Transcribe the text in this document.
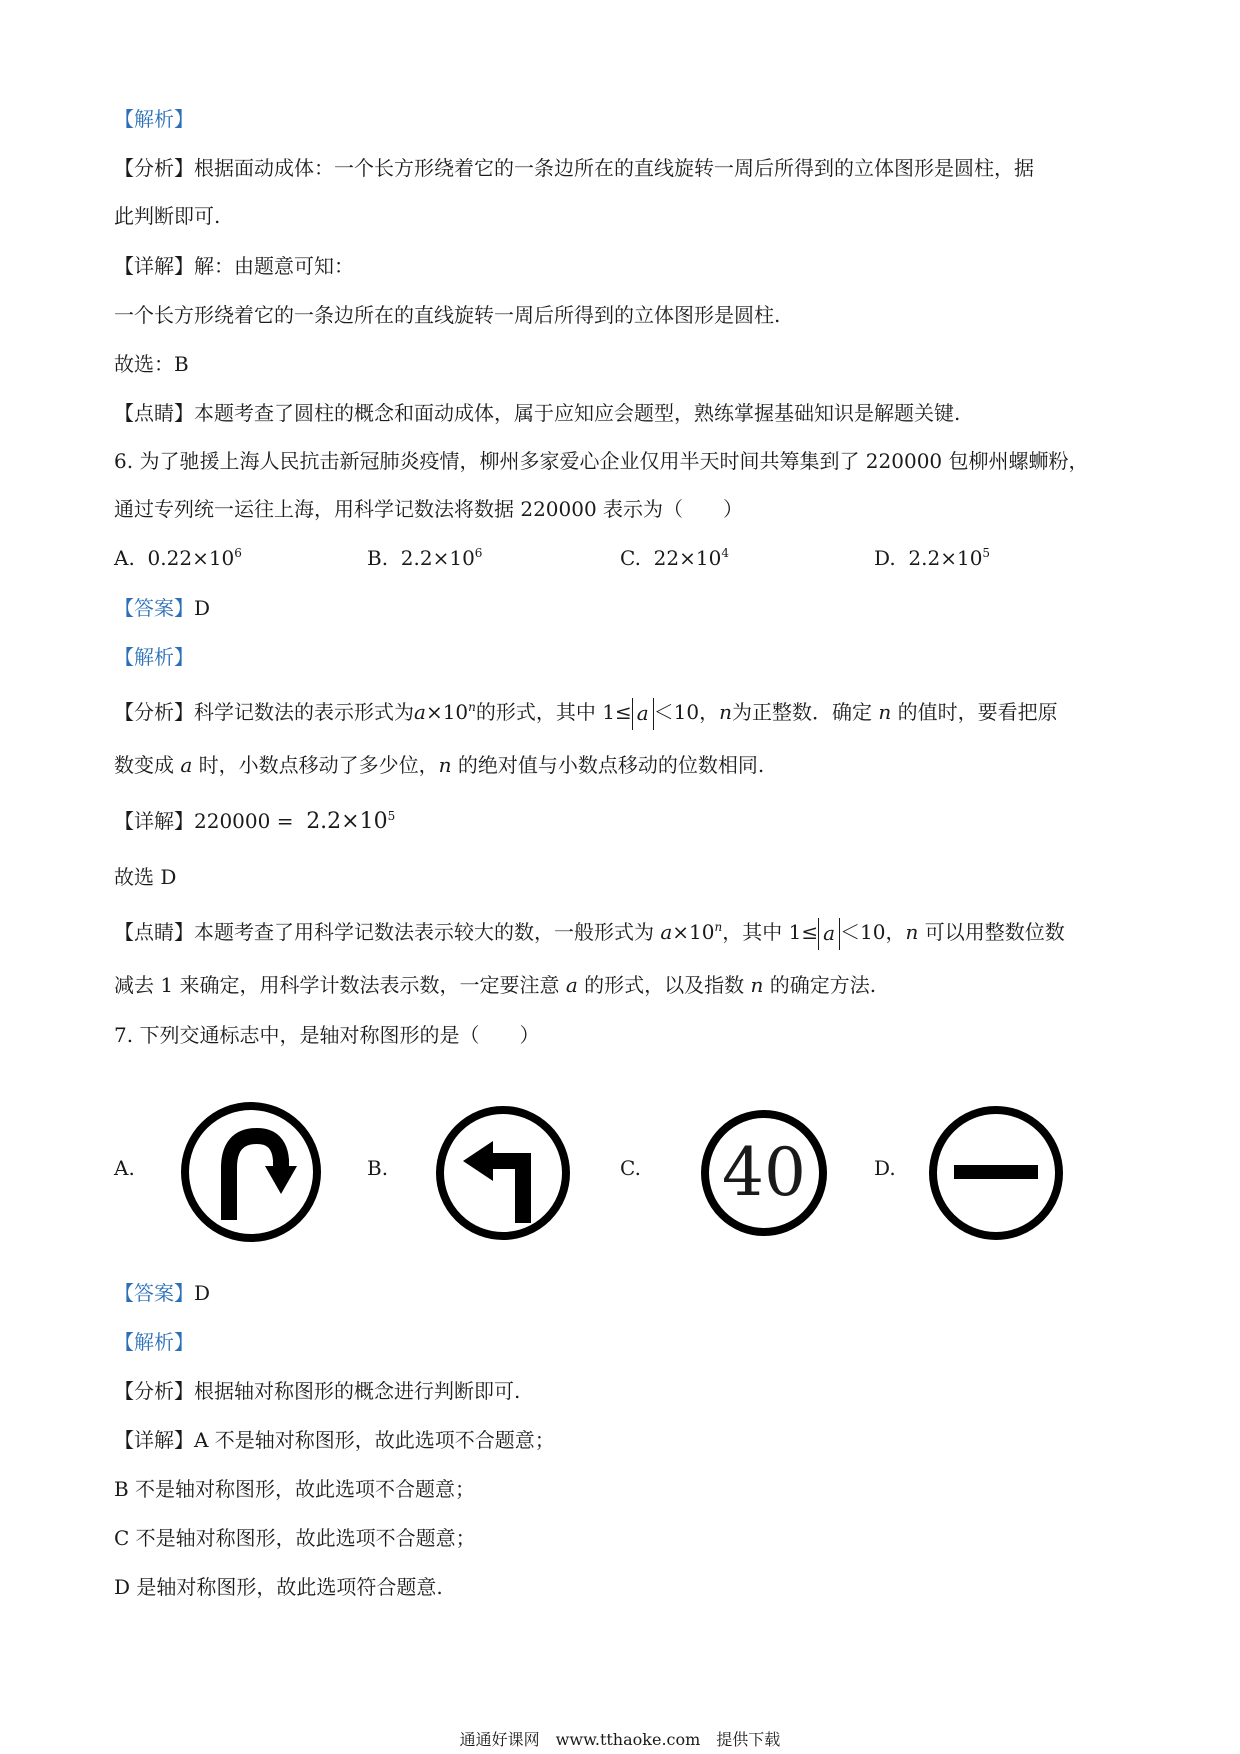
【解析】
【分析】根据面动成体：一个长方形绕着它的一条边所在的直线旋转一周后所得到的立体图形是圆柱，据
此判断即可.
【详解】解：由题意可知：
一个长方形绕着它的一条边所在的直线旋转一周后所得到的立体图形是圆柱.
故选：B
【点睛】本题考查了圆柱的概念和面动成体，属于应知应会题型，熟练掌握基础知识是解题关键.
6. 为了驰援上海人民抗击新冠肺炎疫情，柳州多家爱心企业仅用半天时间共筹集到了 220000 包柳州螺蛳粉，
通过专列统一运往上海，用科学记数法将数据 220000 表示为（　　）
A. $0.22\times 10^6$	B. $2.2\times 10^6$	C. $22\times 10^4$	D. $2.2\times 10^5$
【答案】D
【解析】
【分析】科学记数法的表示形式为$a\times 10^n$的形式，其中 1≤ a ＜10，n为正整数．确定 n 的值时，要看把原
数变成 a 时，小数点移动了多少位，n 的绝对值与小数点移动的位数相同.
【详解】$220000 = 2.2\times 10^5$
故选 D
【点睛】本题考查了用科学记数法表示较大的数，一般形式为 $a\times 10^n$，其中 1≤ a ＜10，n 可以用整数位数
减去 1 来确定，用科学计数法表示数，一定要注意 a 的形式，以及指数 n 的确定方法.
7. 下列交通标志中，是轴对称图形的是（　　）
A.	B.	C.	40	D.
【答案】D
【解析】
【分析】根据轴对称图形的概念进行判断即可.
【详解】A 不是轴对称图形，故此选项不合题意；
B 不是轴对称图形，故此选项不合题意；
C 不是轴对称图形，故此选项不合题意；
D 是轴对称图形，故此选项符合题意.
通通好课网　www.tthaoke.com　提供下载
